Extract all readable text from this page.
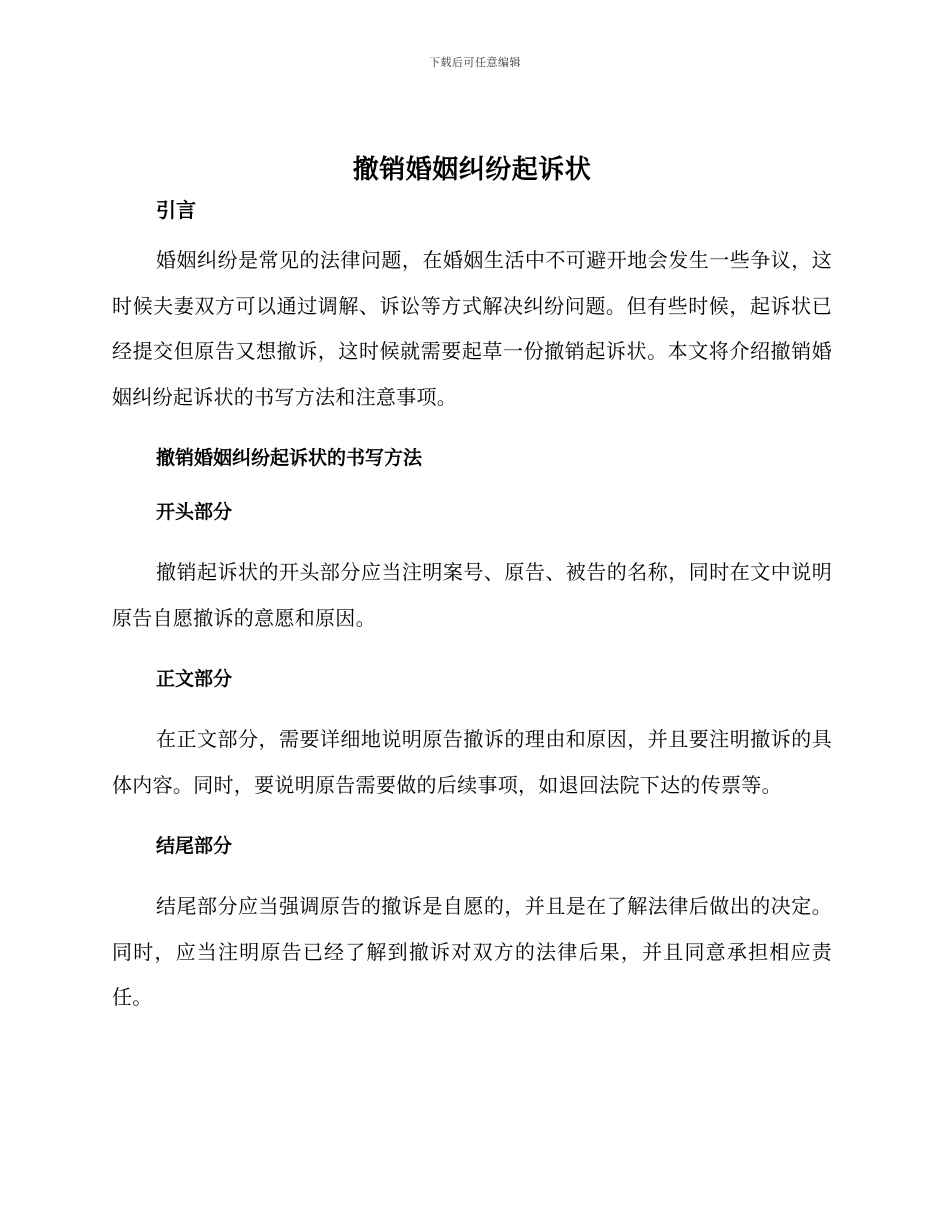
下载后可任意编辑
撤销婚姻纠纷起诉状
引言

婚姻纠纷是常见的法律问题，在婚姻生活中不可避开地会发生一些争议，这时候夫妻双方可以通过调解、诉讼等方式解决纠纷问题。但有些时候，起诉状已经提交但原告又想撤诉，这时候就需要起草一份撤销起诉状。本文将介绍撤销婚姻纠纷起诉状的书写方法和注意事项。

撤销婚姻纠纷起诉状的书写方法
开头部分

撤销起诉状的开头部分应当注明案号、原告、被告的名称，同时在文中说明原告自愿撤诉的意愿和原因。

正文部分

在正文部分，需要详细地说明原告撤诉的理由和原因，并且要注明撤诉的具体内容。同时，要说明原告需要做的后续事项，如退回法院下达的传票等。

结尾部分

结尾部分应当强调原告的撤诉是自愿的，并且是在了解法律后做出的决定。同时，应当注明原告已经了解到撤诉对双方的法律后果，并且同意承担相应责任。
